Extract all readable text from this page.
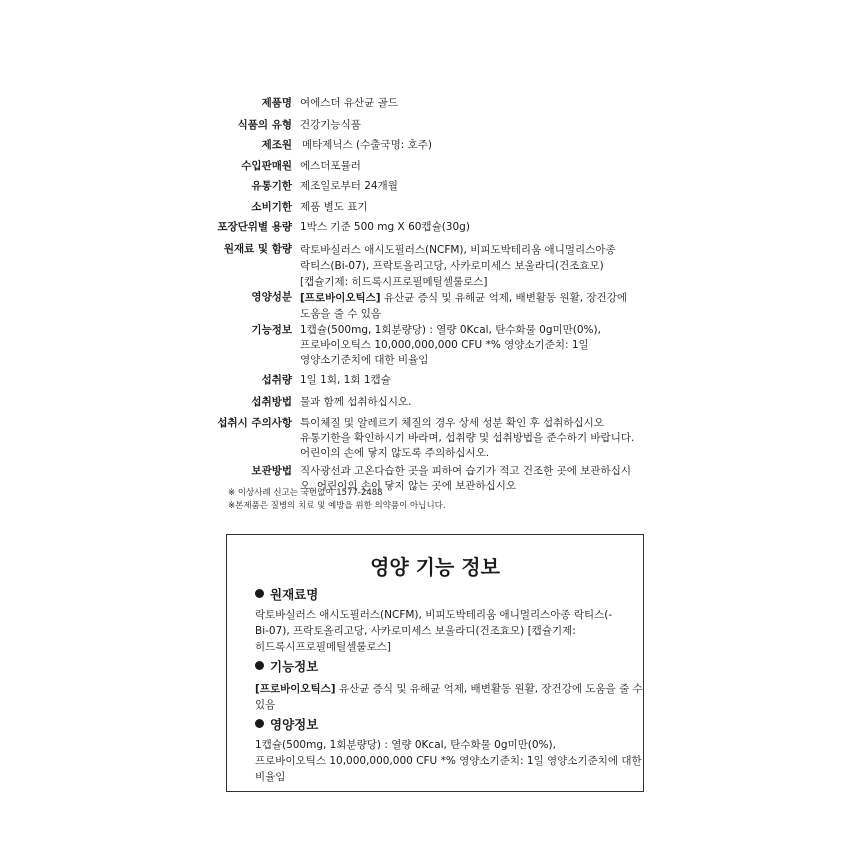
제품명 여에스더 유산균 골드
식품의 유형 건강기능식품
제조원 메타제닉스 (수출국명: 호주)
수입판매원 에스더포뮬러
유통기한 제조일로부터 24개월
소비기한 제품 별도 표기
포장단위별 용량 1박스 기준 500 mg X 60캡슐(30g)
원재료 및 함량 락토바실러스 애시도필러스(NCFM), 비피도박테리움 애니멀리스아종
락티스(Bi-07), 프락토올리고당, 사카로미세스 보울라디(건조효모)
[캡슐기제: 히드록시프로필메틸셀룰로스]
영양성분 [프로바이오틱스] 유산균 증식 및 유해균 억제, 배변활동 원활, 장건강에
도움을 줄 수 있음
기능정보 1캡슐(500mg, 1회분량당) : 열량 0Kcal, 탄수화물 0g미만(0%),
프로바이오틱스 10,000,000,000 CFU *% 영양소기준치: 1일
영양소기준치에 대한 비율임
섭취량 1일 1회, 1회 1캡슐
섭취방법 물과 함께 섭취하십시오.
섭취시 주의사항 특이체질 및 알레르기 체질의 경우 상세 성분 확인 후 섭취하십시오
유통기한을 확인하시기 바라며, 섭취량 및 섭취방법을 준수하기 바랍니다.
어린이의 손에 닿지 않도록 주의하십시오.
보관방법 직사광선과 고온다습한 곳을 피하여 습기가 적고 건조한 곳에 보관하십시
오. 어린이의 손이 닿지 않는 곳에 보관하십시오
※ 이상사례 신고는 국번없이 1577-2488
※본제품은 질병의 치료 및 예방을 위한 의약품이 아닙니다.
영양 기능 정보
원재료명
락토바실러스 애시도필러스(NCFM), 비피도박테리움 애니멀리스아종 락티스(-
Bi-07), 프락토올리고당, 사카로미세스 보울라디(건조효모) [캡슐기제:
히드록시프로필메틸셀룰로스]
기능정보
[프로바이오틱스] 유산균 증식 및 유해균 억제, 배변활동 원활, 장건강에 도움을 줄 수
있음
영양정보
1캡슐(500mg, 1회분량당) : 열량 0Kcal, 탄수화물 0g미만(0%),
프로바이오틱스 10,000,000,000 CFU *% 영양소기준치: 1일 영양소기준치에 대한
비율임
